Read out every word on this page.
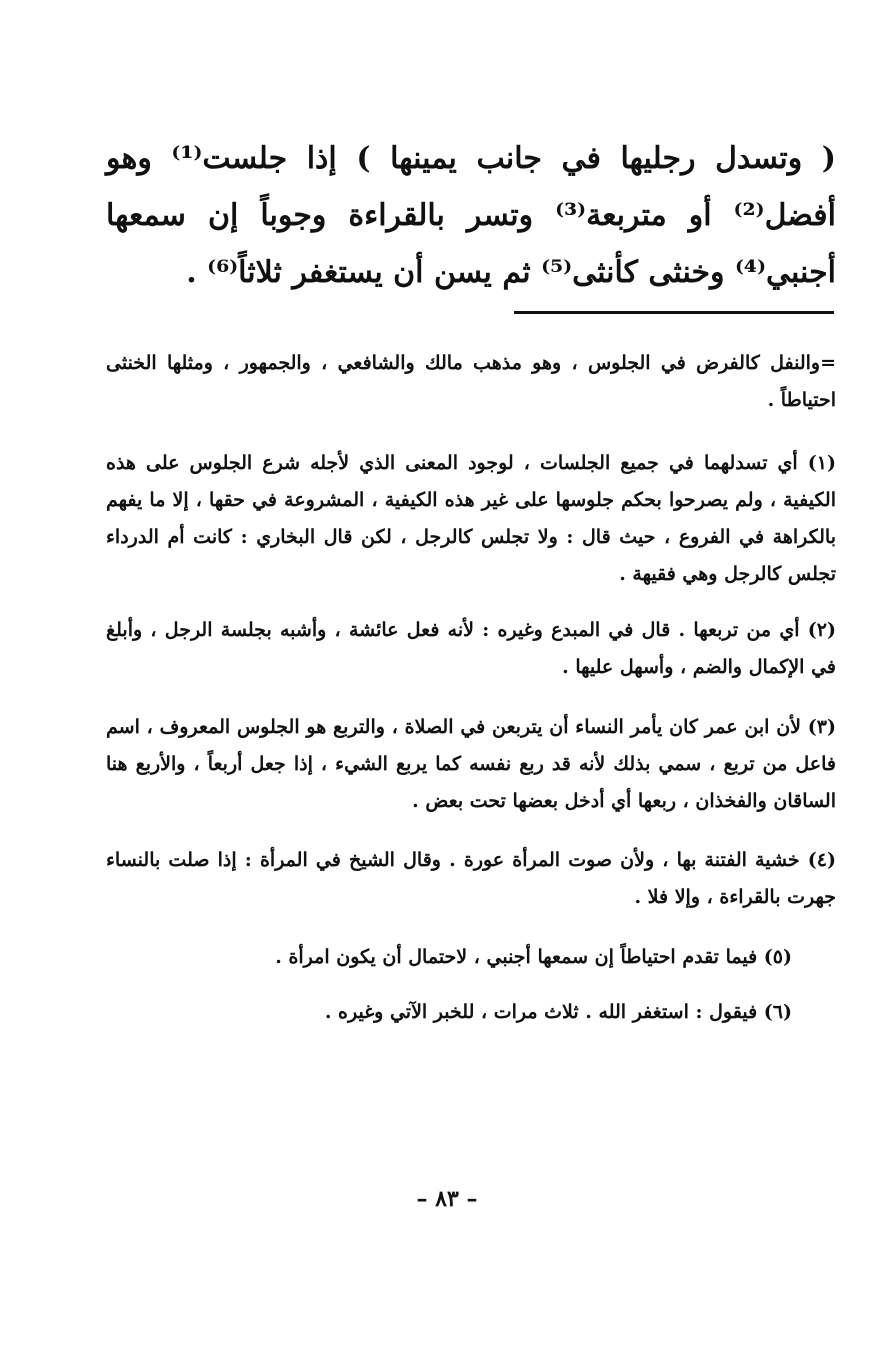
( وتسدل رجليها في جانب يمينها ) إذا جلست⁽¹⁾ وهو أفضل⁽²⁾ أو متربعة⁽³⁾ وتسر بالقراءة وجوباً إن سمعها أجنبي⁽⁴⁾ وخنثى كأنثى⁽⁵⁾ ثم يسن أن يستغفر ثلاثاً⁽⁶⁾ .

=والنفل كالفرض في الجلوس ، وهو مذهب مالك والشافعي ، والجمهور ، ومثلها الخنثى احتياطاً .

(١) أي تسدلهما في جميع الجلسات ، لوجود المعنى الذي لأجله شرع الجلوس على هذه الكيفية ، ولم يصرحوا بحكم جلوسها على غير هذه الكيفية ، المشروعة في حقها ، إلا ما يفهم بالكراهة في الفروع ، حيث قال : ولا تجلس كالرجل ، لكن قال البخاري : كانت أم الدرداء تجلس كالرجل وهي فقيهة .

(٢) أي من تربعها . قال في المبدع وغيره : لأنه فعل عائشة ، وأشبه بجلسة الرجل ، وأبلغ في الإكمال والضم ، وأسهل عليها .

(٣) لأن ابن عمر كان يأمر النساء أن يتربعن في الصلاة ، والتربع هو الجلوس المعروف ، اسم فاعل من تربع ، سمي بذلك لأنه قد ربع نفسه كما يربع الشيء ، إذا جعل أربعاً ، والأربع هنا الساقان والفخذان ، ربعها أي أدخل بعضها تحت بعض .

(٤) خشية الفتنة بها ، ولأن صوت المرأة عورة . وقال الشيخ في المرأة : إذا صلت بالنساء جهرت بالقراءة ، وإلا فلا .

(٥) فيما تقدم احتياطاً إن سمعها أجنبي ، لاحتمال أن يكون امرأة .

(٦) فيقول : استغفر الله . ثلاث مرات ، للخبر الآتي وغيره .

– ٨٣ –
